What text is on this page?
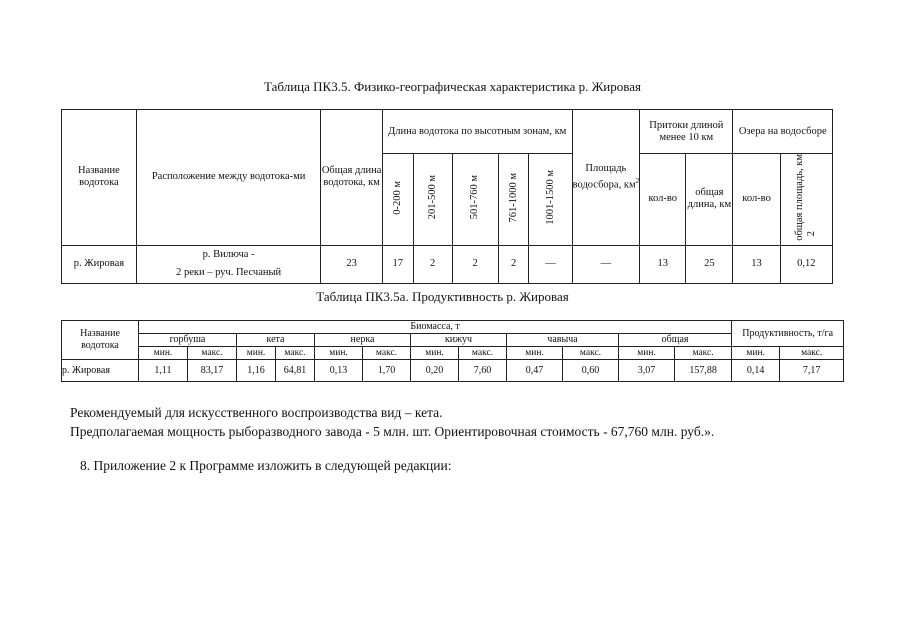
Таблица ПК3.5. Физико-географическая характеристика р. Жировая
Название водотока	Расположение между водотока-ми	Общая длина водотока, км	Длина водотока по высотным зонам, км					Площадь водосбора, $км^2$	Притоки длиной менее 10 км		Озера на водосборе	
			0-200 м	201-500 м	501-760 м	761-1000 м	1001-1500 м		кол-во	общая длина, км	кол-во	общая площадь, км2
р. Жировая	р. Вилюча -
2 реки – руч. Песчаный	23	17	2	2	2	—	—	13	25	13	0,12
Таблица ПК3.5а. Продуктивность р. Жировая
Название водотока	Биомасса, т												Продуктивность, т/га	
	горбуша		кета		нерка		кижуч		чавыча		общая			
	мин.	макс.	мин.	макс.	мин.	макс.	мин.	макс.	мин.	макс.	мин.	макс.	мин.	макс.
р. Жировая	1,11	83,17	1,16	64,81	0,13	1,70	0,20	7,60	0,47	0,60	3,07	157,88	0,14	7,17
Рекомендуемый для искусственного воспроизводства вид – кета.
Предполагаемая мощность рыборазводного завода - 5 млн. шт. Ориентировочная стоимость - 67,760 млн. руб.».
8. Приложение 2 к Программе изложить в следующей редакции:
